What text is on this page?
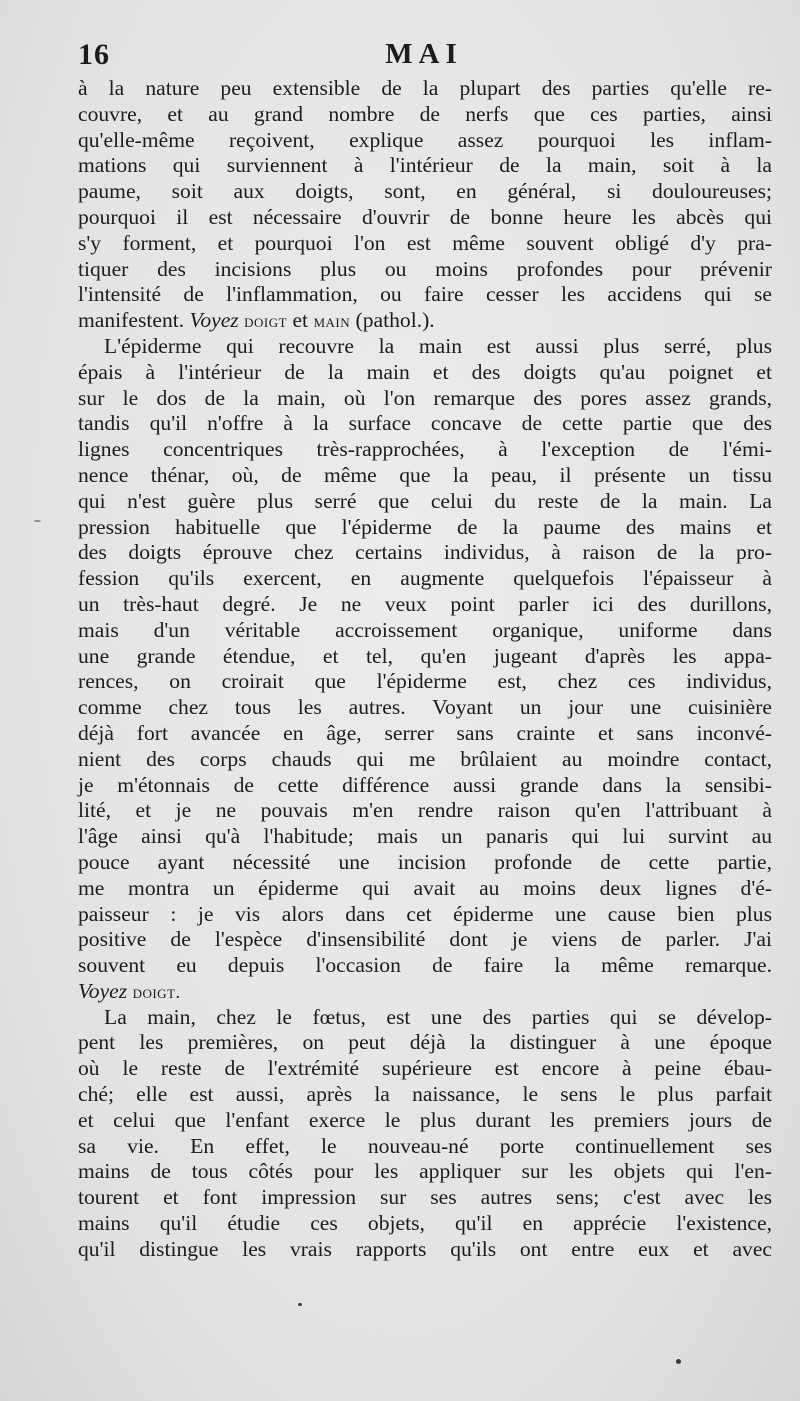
16	MAI
à la nature peu extensible de la plupart des parties qu'elle re-
couvre, et au grand nombre de nerfs que ces parties, ainsi
qu'elle-même reçoivent, explique assez pourquoi les inflam-
mations qui surviennent à l'intérieur de la main, soit à la
paume, soit aux doigts, sont, en général, si douloureuses;
pourquoi il est nécessaire d'ouvrir de bonne heure les abcès qui
s'y forment, et pourquoi l'on est même souvent obligé d'y pra-
tiquer des incisions plus ou moins profondes pour prévenir
l'intensité de l'inflammation, ou faire cesser les accidens qui se
manifestent. Voyez doigt et main (pathol.).
L'épiderme qui recouvre la main est aussi plus serré, plus
épais à l'intérieur de la main et des doigts qu'au poignet et
sur le dos de la main, où l'on remarque des pores assez grands,
tandis qu'il n'offre à la surface concave de cette partie que des
lignes concentriques très-rapprochées, à l'exception de l'émi-
nence thénar, où, de même que la peau, il présente un tissu
qui n'est guère plus serré que celui du reste de la main. La
pression habituelle que l'épiderme de la paume des mains et
des doigts éprouve chez certains individus, à raison de la pro-
fession qu'ils exercent, en augmente quelquefois l'épaisseur à
un très-haut degré. Je ne veux point parler ici des durillons,
mais d'un véritable accroissement organique, uniforme dans
une grande étendue, et tel, qu'en jugeant d'après les appa-
rences, on croirait que l'épiderme est, chez ces individus,
comme chez tous les autres. Voyant un jour une cuisinière
déjà fort avancée en âge, serrer sans crainte et sans inconvé-
nient des corps chauds qui me brûlaient au moindre contact,
je m'étonnais de cette différence aussi grande dans la sensibi-
lité, et je ne pouvais m'en rendre raison qu'en l'attribuant à
l'âge ainsi qu'à l'habitude; mais un panaris qui lui survint au
pouce ayant nécessité une incision profonde de cette partie,
me montra un épiderme qui avait au moins deux lignes d'é-
paisseur : je vis alors dans cet épiderme une cause bien plus
positive de l'espèce d'insensibilité dont je viens de parler. J'ai
souvent eu depuis l'occasion de faire la même remarque.
Voyez doigt.
La main, chez le fœtus, est une des parties qui se dévelop-
pent les premières, on peut déjà la distinguer à une époque
où le reste de l'extrémité supérieure est encore à peine ébau-
ché; elle est aussi, après la naissance, le sens le plus parfait
et celui que l'enfant exerce le plus durant les premiers jours de
sa vie. En effet, le nouveau-né porte continuellement ses
mains de tous côtés pour les appliquer sur les objets qui l'en-
tourent et font impression sur ses autres sens; c'est avec les
mains qu'il étudie ces objets, qu'il en apprécie l'existence,
qu'il distingue les vrais rapports qu'ils ont entre eux et avec
